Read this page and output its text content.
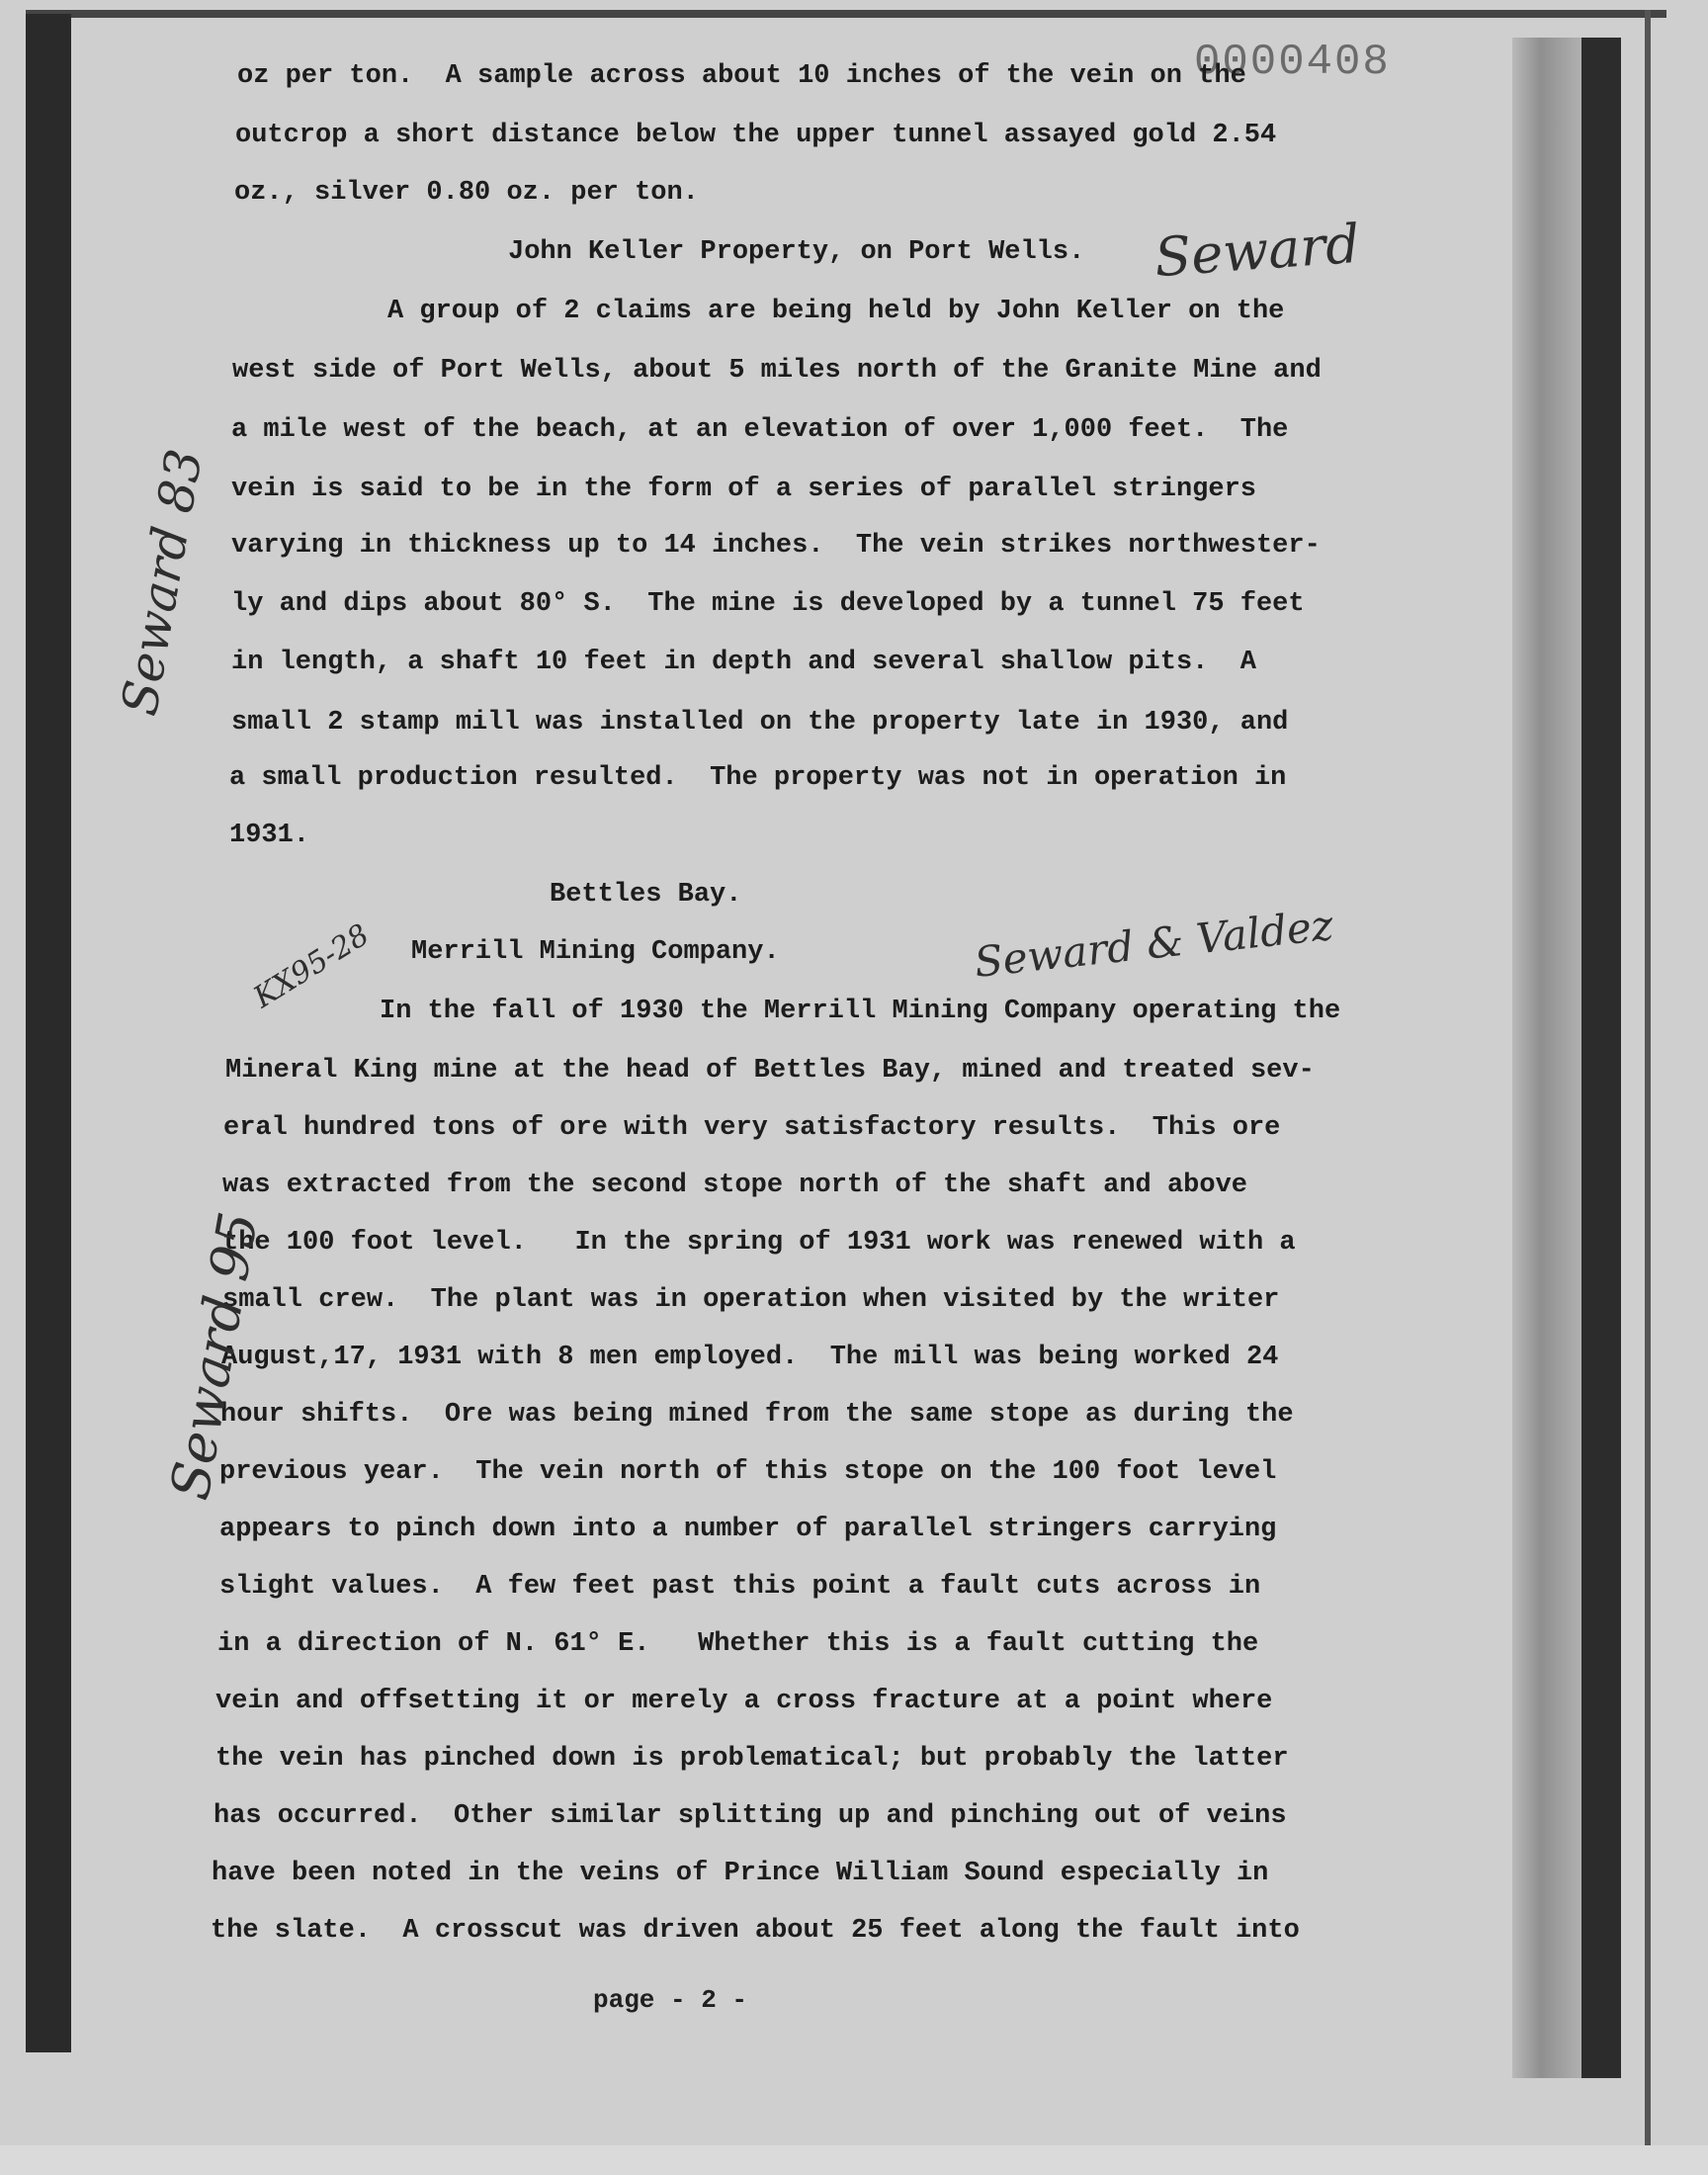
0000408
oz per ton.  A sample across about 10 inches of the vein on the
outcrop a short distance below the upper tunnel assayed gold 2.54
oz., silver 0.80 oz. per ton.
John Keller Property, on Port Wells.
A group of 2 claims are being held by John Keller on the
west side of Port Wells, about 5 miles north of the Granite Mine and
a mile west of the beach, at an elevation of over 1,000 feet.  The
vein is said to be in the form of a series of parallel stringers
varying in thickness up to 14 inches.  The vein strikes northwester-
ly and dips about 80° S.  The mine is developed by a tunnel 75 feet
in length, a shaft 10 feet in depth and several shallow pits.  A
small 2 stamp mill was installed on the property late in 1930, and
a small production resulted.  The property was not in operation in
1931.
Bettles Bay.
Merrill Mining Company.
In the fall of 1930 the Merrill Mining Company operating the
Mineral King mine at the head of Bettles Bay, mined and treated sev-
eral hundred tons of ore with very satisfactory results.  This ore
was extracted from the second stope north of the shaft and above
the 100 foot level.   In the spring of 1931 work was renewed with a
small crew.  The plant was in operation when visited by the writer
August,17, 1931 with 8 men employed.  The mill was being worked 24
hour shifts.  Ore was being mined from the same stope as during the
previous year.  The vein north of this stope on the 100 foot level
appears to pinch down into a number of parallel stringers carrying
slight values.  A few feet past this point a fault cuts across in
in a direction of N. 61° E.   Whether this is a fault cutting the
vein and offsetting it or merely a cross fracture at a point where
the vein has pinched down is problematical; but probably the latter
has occurred.  Other similar splitting up and pinching out of veins
have been noted in the veins of Prince William Sound especially in
the slate.  A crosscut was driven about 25 feet along the fault into
Seward
Seward 83
KX95-28	Seward & Valdez
Seward 95
page - 2 -
